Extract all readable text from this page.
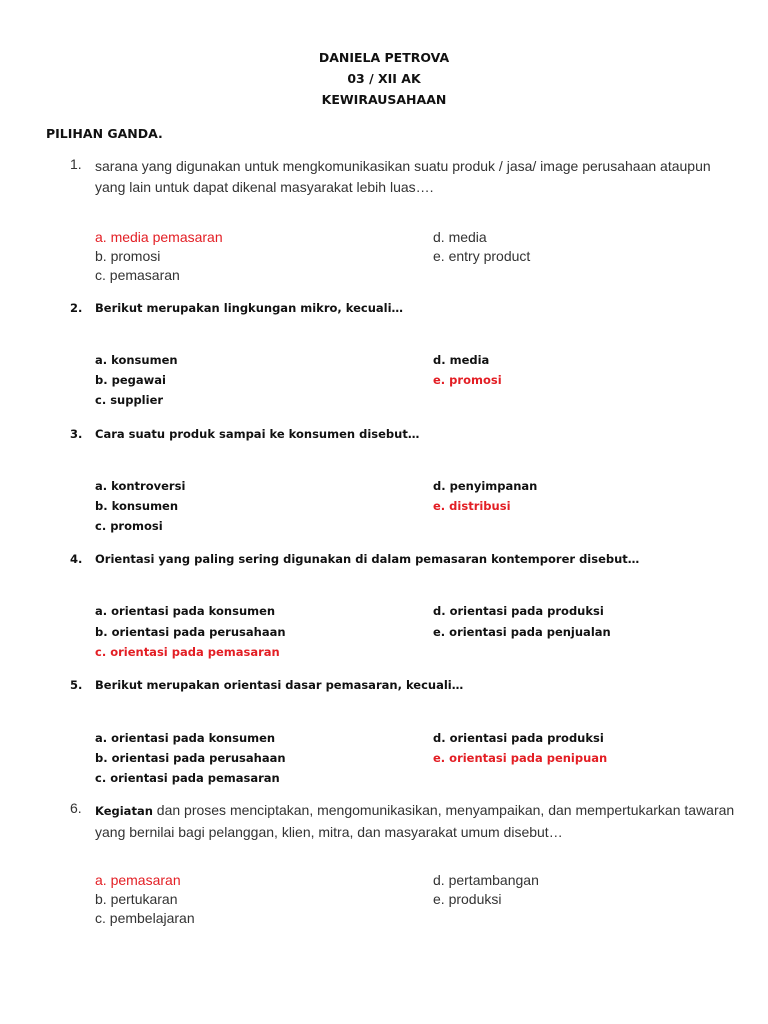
DANIELA PETROVA
03 / XII AK
KEWIRAUSAHAAN
PILIHAN GANDA.
1. sarana yang digunakan untuk mengkomunikasikan suatu produk / jasa/ image perusahaan ataupun yang lain untuk dapat dikenal masyarakat lebih luas….
a. media pemasaran
b. promosi
c. pemasaran
d. media
e. entry product
2. Berikut merupakan lingkungan mikro, kecuali…
a. konsumen
b. pegawai
c. supplier
d. media
e. promosi
3. Cara suatu produk sampai ke konsumen disebut…
a. kontroversi
b. konsumen
c. promosi
d. penyimpanan
e. distribusi
4. Orientasi yang paling sering digunakan di dalam pemasaran kontemporer disebut…
a. orientasi pada konsumen
b. orientasi pada perusahaan
c. orientasi pada pemasaran
d. orientasi pada produksi
e. orientasi pada penjualan
5. Berikut merupakan orientasi dasar pemasaran, kecuali…
a. orientasi pada konsumen
b. orientasi pada perusahaan
c. orientasi pada pemasaran
d. orientasi pada produksi
e. orientasi pada penipuan
6. Kegiatan dan proses menciptakan, mengomunikasikan, menyampaikan, dan mempertukarkan tawaran yang bernilai bagi pelanggan, klien, mitra, dan masyarakat umum disebut…
a. pemasaran
b. pertukaran
c. pembelajaran
d. pertambangan
e. produksi
